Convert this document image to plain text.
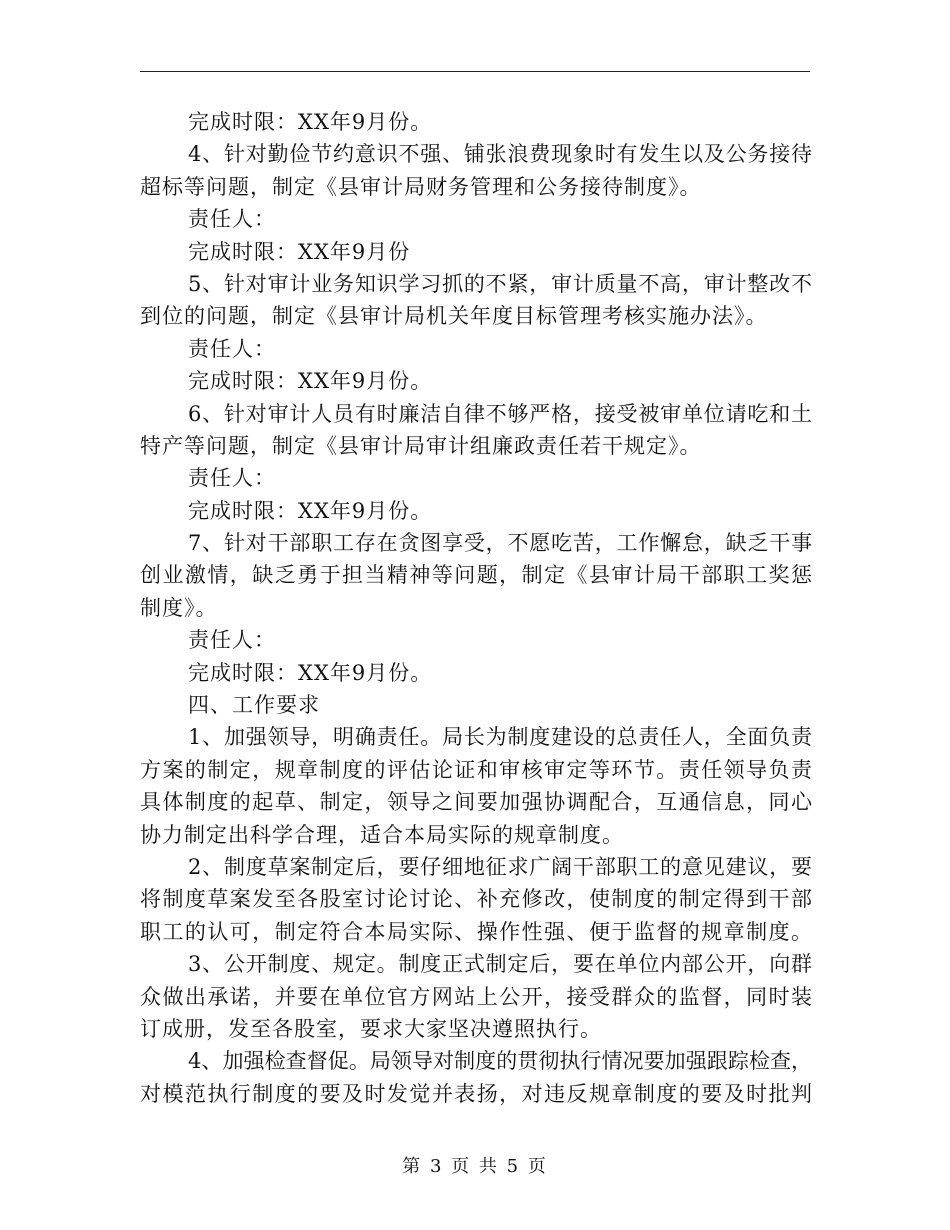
完成时限：XX年9月份。
4、针对勤俭节约意识不强、铺张浪费现象时有发生以及公务接待
超标等问题，制定《县审计局财务管理和公务接待制度》。
责任人：
完成时限：XX年9月份
5、针对审计业务知识学习抓的不紧，审计质量不高，审计整改不
到位的问题，制定《县审计局机关年度目标管理考核实施办法》。
责任人：
完成时限：XX年9月份。
6、针对审计人员有时廉洁自律不够严格，接受被审单位请吃和土
特产等问题，制定《县审计局审计组廉政责任若干规定》。
责任人：
完成时限：XX年9月份。
7、针对干部职工存在贪图享受，不愿吃苦，工作懈怠，缺乏干事
创业激情，缺乏勇于担当精神等问题，制定《县审计局干部职工奖惩
制度》。
责任人：
完成时限：XX年9月份。
四、工作要求
1、加强领导，明确责任。局长为制度建设的总责任人，全面负责
方案的制定，规章制度的评估论证和审核审定等环节。责任领导负责
具体制度的起草、制定，领导之间要加强协调配合，互通信息，同心
协力制定出科学合理，适合本局实际的规章制度。
2、制度草案制定后，要仔细地征求广阔干部职工的意见建议，要
将制度草案发至各股室讨论讨论、补充修改，使制度的制定得到干部
职工的认可，制定符合本局实际、操作性强、便于监督的规章制度。
3、公开制度、规定。制度正式制定后，要在单位内部公开，向群
众做出承诺，并要在单位官方网站上公开，接受群众的监督，同时装
订成册，发至各股室，要求大家坚决遵照执行。
4、加强检查督促。局领导对制度的贯彻执行情况要加强跟踪检查，
对模范执行制度的要及时发觉并表扬，对违反规章制度的要及时批判
第 3 页 共 5 页
